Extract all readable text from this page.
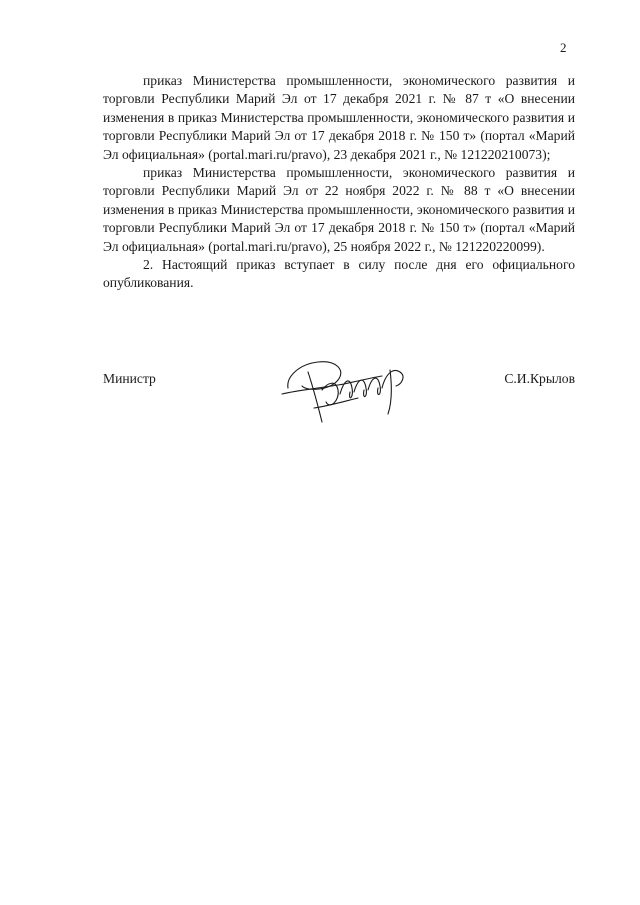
2

приказ Министерства промышленности, экономического развития и торговли Республики Марий Эл от 17 декабря 2021 г. № 87 т «О внесении изменения в приказ Министерства промышленности, экономического развития и торговли Республики Марий Эл от 17 декабря 2018 г. № 150 т» (портал «Марий Эл официальная» (portal.mari.ru/pravo), 23 декабря 2021 г., № 121220210073);

приказ Министерства промышленности, экономического развития и торговли Республики Марий Эл от 22 ноября 2022 г. № 88 т «О внесении изменения в приказ Министерства промышленности, экономического развития и торговли Республики Марий Эл от 17 декабря 2018 г. № 150 т» (портал «Марий Эл официальная» (portal.mari.ru/pravo), 25 ноября 2022 г., № 121220220099).

2. Настоящий приказ вступает в силу после дня его официального опубликования.

Министр	С.И.Крылов
